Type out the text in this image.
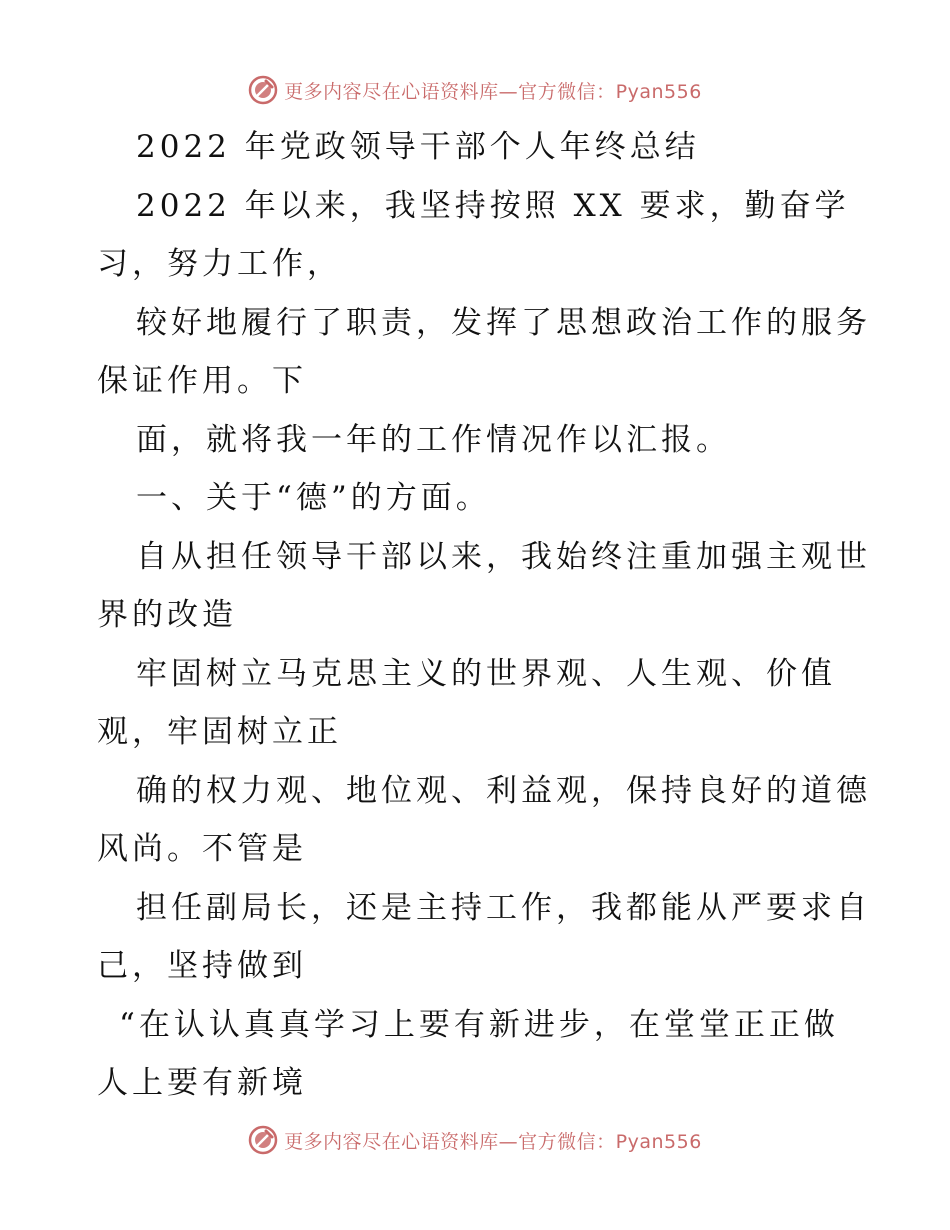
更多内容尽在心语资料库—官方微信：Pyan556
2022 年党政领导干部个人年终总结
2022 年以来，我坚持按照 XX 要求，勤奋学
习，努力工作，
较好地履行了职责，发挥了思想政治工作的服务
保证作用。下
面，就将我一年的工作情况作以汇报。
一、关于“德”的方面。
自从担任领导干部以来，我始终注重加强主观世
界的改造
牢固树立马克思主义的世界观、人生观、价值
观，牢固树立正
确的权力观、地位观、利益观，保持良好的道德
风尚。不管是
担任副局长，还是主持工作，我都能从严要求自
己，坚持做到
“在认认真真学习上要有新进步，在堂堂正正做
人上要有新境
更多内容尽在心语资料库—官方微信：Pyan556
